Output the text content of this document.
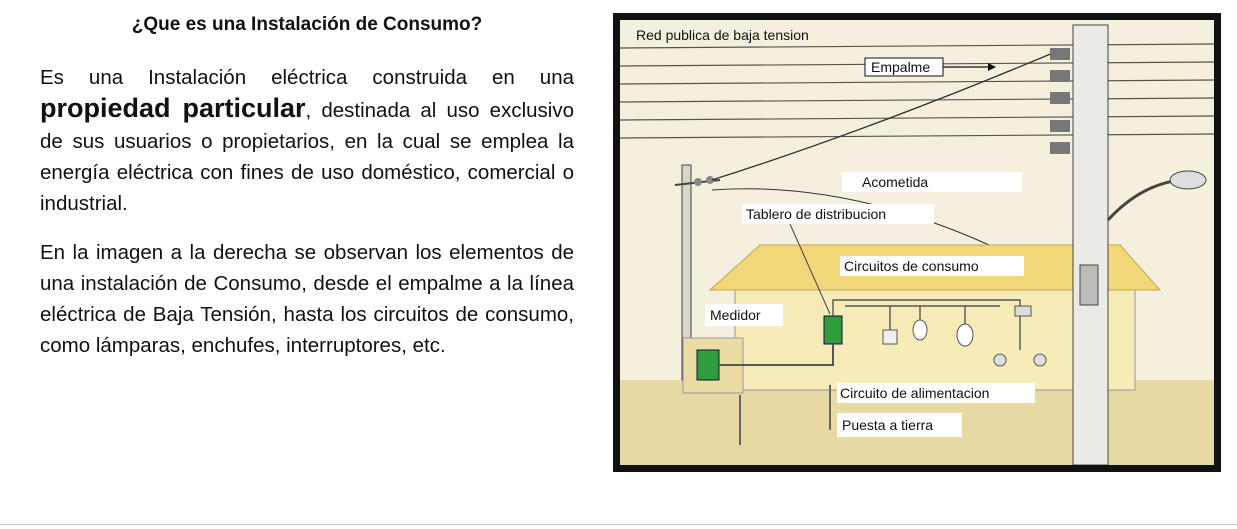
¿Que es una Instalación de Consumo?

Es una Instalación eléctrica construida en una propiedad particular, destinada al uso exclusivo de sus usuarios o propietarios, en la cual se emplea la energía eléctrica con fines de uso doméstico, comercial o industrial.

En la imagen a la derecha se observan los elementos de una instalación de Consumo, desde el empalme a la línea eléctrica de Baja Tensión, hasta los circuitos de consumo, como lámparas, enchufes, interruptores, etc.

Red publica de baja tension
Empalme
Acometida
Tablero de distribucion
Circuitos de consumo
Medidor
Circuito de alimentacion
Puesta a tierra
